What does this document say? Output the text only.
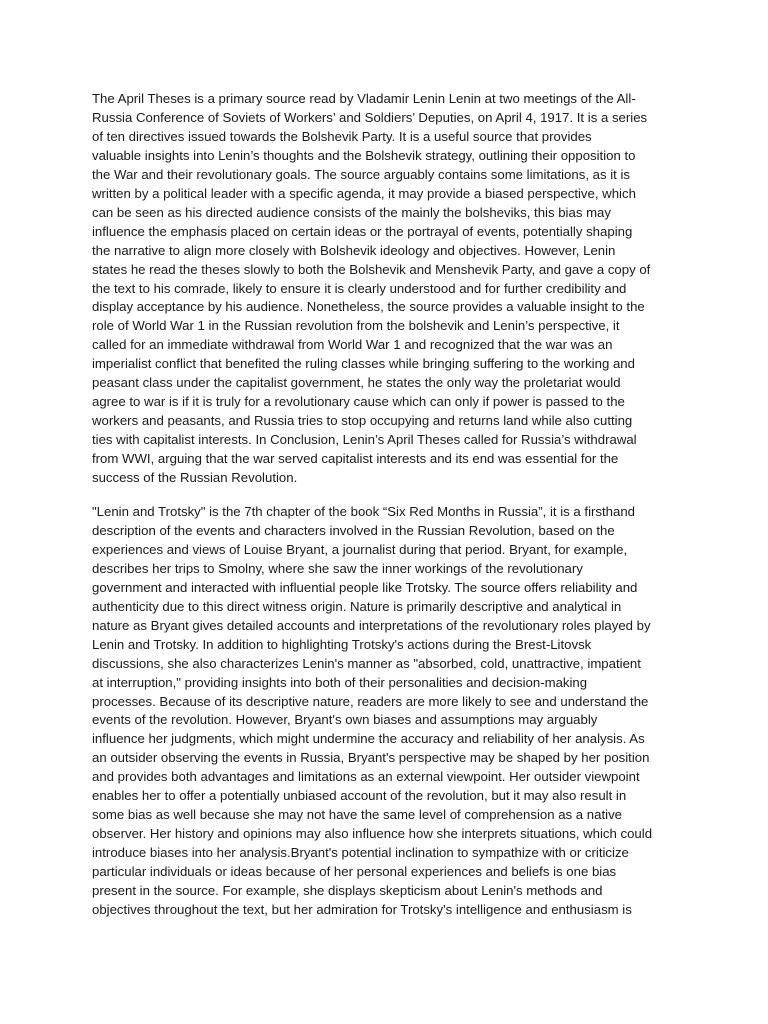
The April Theses is a primary source read by Vladamir Lenin Lenin at two meetings of the All-
Russia Conference of Soviets of Workers’ and Soldiers’ Deputies, on April 4, 1917. It is a series
of ten directives issued towards the Bolshevik Party. It is a useful source that provides
valuable insights into Lenin’s thoughts and the Bolshevik strategy, outlining their opposition to
the War and their revolutionary goals. The source arguably contains some limitations, as it is
written by a political leader with a specific agenda, it may provide a biased perspective, which
can be seen as his directed audience consists of the mainly the bolsheviks, this bias may
influence the emphasis placed on certain ideas or the portrayal of events, potentially shaping
the narrative to align more closely with Bolshevik ideology and objectives. However, Lenin
states he read the theses slowly to both the Bolshevik and Menshevik Party, and gave a copy of
the text to his comrade, likely to ensure it is clearly understood and for further credibility and
display acceptance by his audience. Nonetheless, the source provides a valuable insight to the
role of World War 1 in the Russian revolution from the bolshevik and Lenin’s perspective, it
called for an immediate withdrawal from World War 1 and recognized that the war was an
imperialist conflict that benefited the ruling classes while bringing suffering to the working and
peasant class under the capitalist government, he states the only way the proletariat would
agree to war is if it is truly for a revolutionary cause which can only if power is passed to the
workers and peasants, and Russia tries to stop occupying and returns land while also cutting
ties with capitalist interests. In Conclusion, Lenin’s April Theses called for Russia’s withdrawal
from WWI, arguing that the war served capitalist interests and its end was essential for the
success of the Russian Revolution.
"Lenin and Trotsky" is the 7th chapter of the book “Six Red Months in Russia”, it is a firsthand
description of the events and characters involved in the Russian Revolution, based on the
experiences and views of Louise Bryant, a journalist during that period. Bryant, for example,
describes her trips to Smolny, where she saw the inner workings of the revolutionary
government and interacted with influential people like Trotsky. The source offers reliability and
authenticity due to this direct witness origin. Nature is primarily descriptive and analytical in
nature as Bryant gives detailed accounts and interpretations of the revolutionary roles played by
Lenin and Trotsky. In addition to highlighting Trotsky's actions during the Brest-Litovsk
discussions, she also characterizes Lenin's manner as "absorbed, cold, unattractive, impatient
at interruption," providing insights into both of their personalities and decision-making
processes. Because of its descriptive nature, readers are more likely to see and understand the
events of the revolution. However, Bryant's own biases and assumptions may arguably
influence her judgments, which might undermine the accuracy and reliability of her analysis. As
an outsider observing the events in Russia, Bryant's perspective may be shaped by her position
and provides both advantages and limitations as an external viewpoint. Her outsider viewpoint
enables her to offer a potentially unbiased account of the revolution, but it may also result in
some bias as well because she may not have the same level of comprehension as a native
observer. Her history and opinions may also influence how she interprets situations, which could
introduce biases into her analysis.Bryant's potential inclination to sympathize with or criticize
particular individuals or ideas because of her personal experiences and beliefs is one bias
present in the source. For example, she displays skepticism about Lenin's methods and
objectives throughout the text, but her admiration for Trotsky's intelligence and enthusiasm is
